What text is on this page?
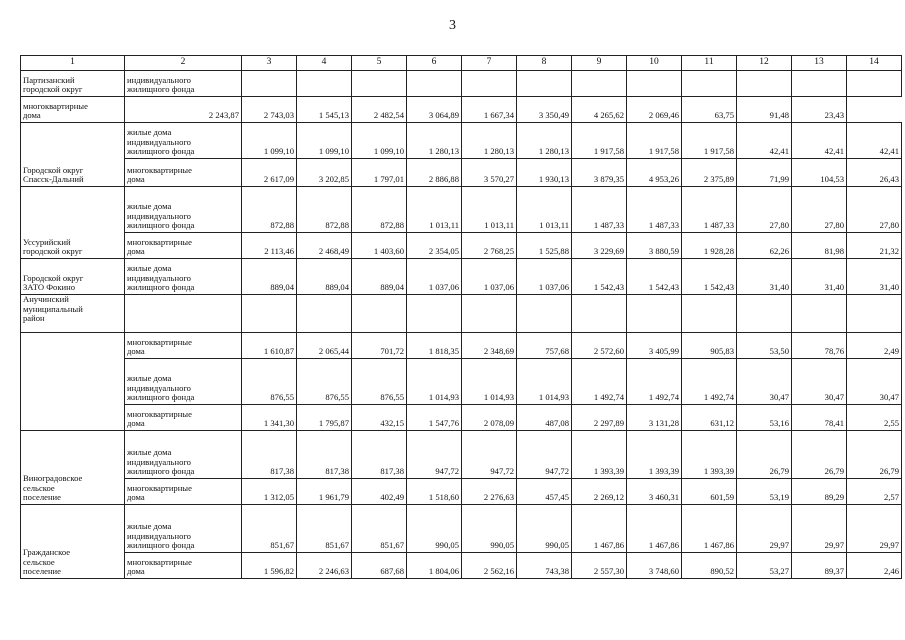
3
1	2	3	4	5	6	7	8	9	10	11	12	13	14
Партизанский
городской округ	индивидуального
жилищного фонда												
многоквартирные
дома	2 243,87	2 743,03	1 545,13	2 482,54	3 064,89	1 667,34	3 350,49	4 265,62	2 069,46	63,75	91,48	23,43	
Городской округ
Спасск-Дальний	жилые дома
индивидуального
жилищного фонда	1 099,10	1 099,10	1 099,10	1 280,13	1 280,13	1 280,13	1 917,58	1 917,58	1 917,58	42,41	42,41	42,41
	многоквартирные
дома	2 617,09	3 202,85	1 797,01	2 886,88	3 570,27	1 930,13	3 879,35	4 953,26	2 375,89	71,99	104,53	26,43
Уссурийский
городской округ	жилые дома
индивидуального
жилищного фонда	872,88	872,88	872,88	1 013,11	1 013,11	1 013,11	1 487,33	1 487,33	1 487,33	27,80	27,80	27,80
	многоквартирные
дома	2 113,46	2 468,49	1 403,60	2 354,05	2 768,25	1 525,88	3 229,69	3 880,59	1 928,28	62,26	81,98	21,32
Городской округ
ЗАТО Фокино	жилые дома
индивидуального
жилищного фонда	889,04	889,04	889,04	1 037,06	1 037,06	1 037,06	1 542,43	1 542,43	1 542,43	31,40	31,40	31,40
Анучинский
муниципальный
район													
	многоквартирные
дома	1 610,87	2 065,44	701,72	1 818,35	2 348,69	757,68	2 572,60	3 405,99	905,83	53,50	78,76	2,49
	жилые дома
индивидуального
жилищного фонда	876,55	876,55	876,55	1 014,93	1 014,93	1 014,93	1 492,74	1 492,74	1 492,74	30,47	30,47	30,47
	многоквартирные
дома	1 341,30	1 795,87	432,15	1 547,76	2 078,09	487,08	2 297,89	3 131,28	631,12	53,16	78,41	2,55
Виноградовское
сельское
поселение	жилые дома
индивидуального
жилищного фонда	817,38	817,38	817,38	947,72	947,72	947,72	1 393,39	1 393,39	1 393,39	26,79	26,79	26,79
	многоквартирные
дома	1 312,05	1 961,79	402,49	1 518,60	2 276,63	457,45	2 269,12	3 460,31	601,59	53,19	89,29	2,57
Гражданское
сельское
поселение	жилые дома
индивидуального
жилищного фонда	851,67	851,67	851,67	990,05	990,05	990,05	1 467,86	1 467,86	1 467,86	29,97	29,97	29,97
	многоквартирные
дома	1 596,82	2 246,63	687,68	1 804,06	2 562,16	743,38	2 557,30	3 748,60	890,52	53,27	89,37	2,46
